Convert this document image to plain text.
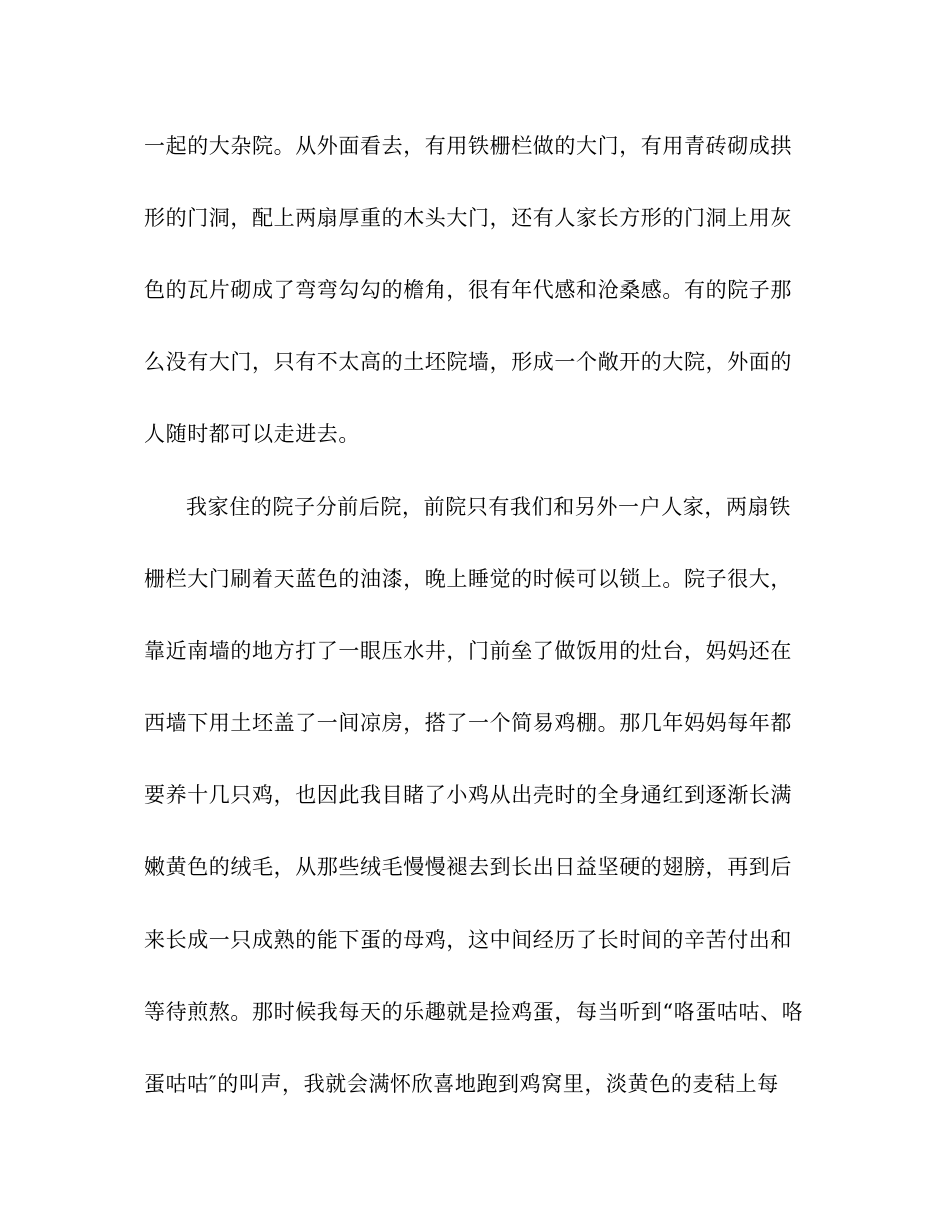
一起的大杂院。从外面看去，有用铁栅栏做的大门，有用青砖砌成拱
形的门洞，配上两扇厚重的木头大门，还有人家长方形的门洞上用灰
色的瓦片砌成了弯弯勾勾的檐角，很有年代感和沧桑感。有的院子那
么没有大门，只有不太高的土坯院墙，形成一个敞开的大院，外面的
人随时都可以走进去。
我家住的院子分前后院，前院只有我们和另外一户人家，两扇铁
栅栏大门刷着天蓝色的油漆，晚上睡觉的时候可以锁上。院子很大，
靠近南墙的地方打了一眼压水井，门前垒了做饭用的灶台，妈妈还在
西墙下用土坯盖了一间凉房，搭了一个简易鸡棚。那几年妈妈每年都
要养十几只鸡，也因此我目睹了小鸡从出壳时的全身通红到逐渐长满
嫩黄色的绒毛，从那些绒毛慢慢褪去到长出日益坚硬的翅膀，再到后
来长成一只成熟的能下蛋的母鸡，这中间经历了长时间的辛苦付出和
等待煎熬。那时候我每天的乐趣就是捡鸡蛋，每当听到“咯蛋咕咕、咯
蛋咕咕″的叫声，我就会满怀欣喜地跑到鸡窝里，淡黄色的麦秸上每
